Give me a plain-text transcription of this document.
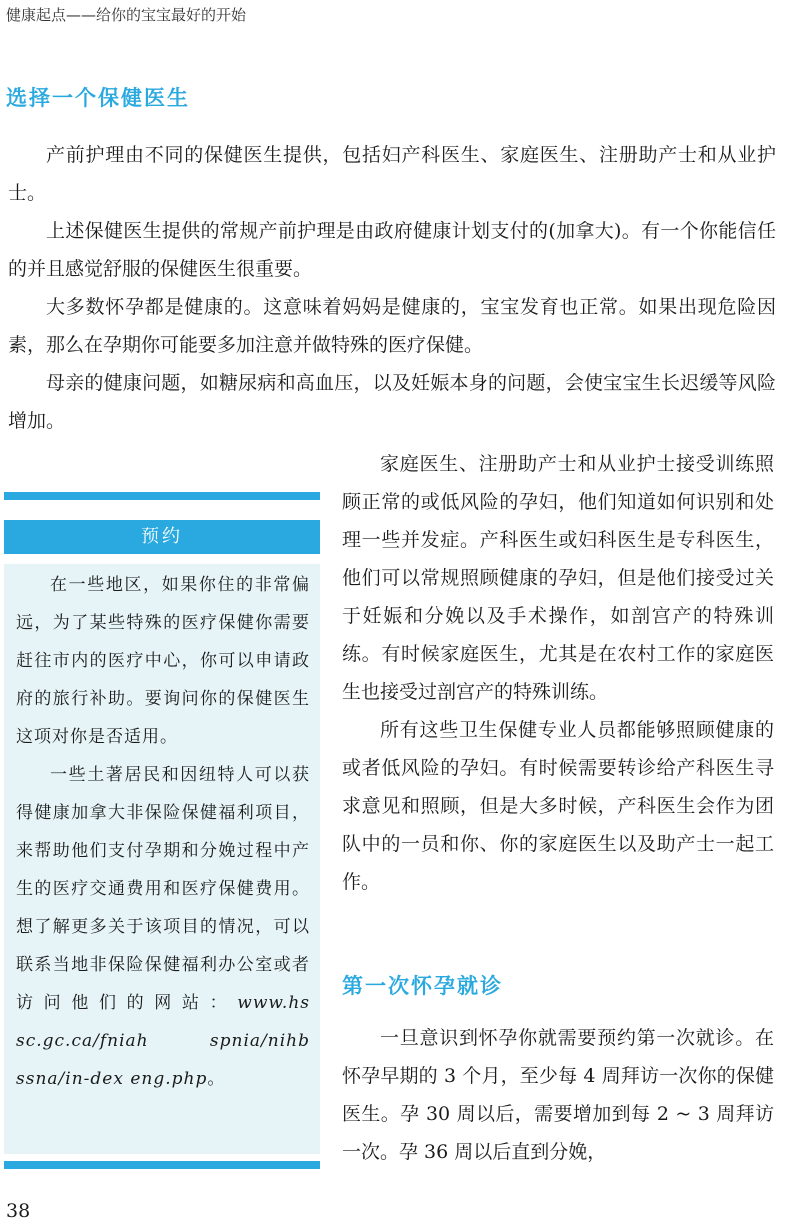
健康起点——给你的宝宝最好的开始
选择一个保健医生

产前护理由不同的保健医生提供，包括妇产科医生、家庭医生、注册助产士和从业护士。

上述保健医生提供的常规产前护理是由政府健康计划支付的(加拿大)。有一个你能信任的并且感觉舒服的保健医生很重要。

大多数怀孕都是健康的。这意味着妈妈是健康的，宝宝发育也正常。如果出现危险因素，那么在孕期你可能要多加注意并做特殊的医疗保健。

母亲的健康问题，如糖尿病和高血压，以及妊娠本身的问题，会使宝宝生长迟缓等风险增加。

预约

在一些地区，如果你住的非常偏远，为了某些特殊的医疗保健你需要赶往市内的医疗中心，你可以申请政府的旅行补助。要询问你的保健医生这项对你是否适用。

一些土著居民和因纽特人可以获得健康加拿大非保险保健福利项目，来帮助他们支付孕期和分娩过程中产生的医疗交通费用和医疗保健费用。想了解更多关于该项目的情况，可以联系当地非保险保健福利办公室或者访问他们的网站：www.hs sc.gc.ca/fniah spnia/nihb ssna/in-dex eng.php。

家庭医生、注册助产士和从业护士接受训练照顾正常的或低风险的孕妇，他们知道如何识别和处理一些并发症。产科医生或妇科医生是专科医生，他们可以常规照顾健康的孕妇，但是他们接受过关于妊娠和分娩以及手术操作，如剖宫产的特殊训练。有时候家庭医生，尤其是在农村工作的家庭医生也接受过剖宫产的特殊训练。

所有这些卫生保健专业人员都能够照顾健康的或者低风险的孕妇。有时候需要转诊给产科医生寻求意见和照顾，但是大多时候，产科医生会作为团队中的一员和你、你的家庭医生以及助产士一起工作。

第一次怀孕就诊

一旦意识到怀孕你就需要预约第一次就诊。在怀孕早期的 3 个月，至少每 4 周拜访一次你的保健医生。孕 30 周以后，需要增加到每 2 ~ 3 周拜访一次。孕 36 周以后直到分娩，

38
